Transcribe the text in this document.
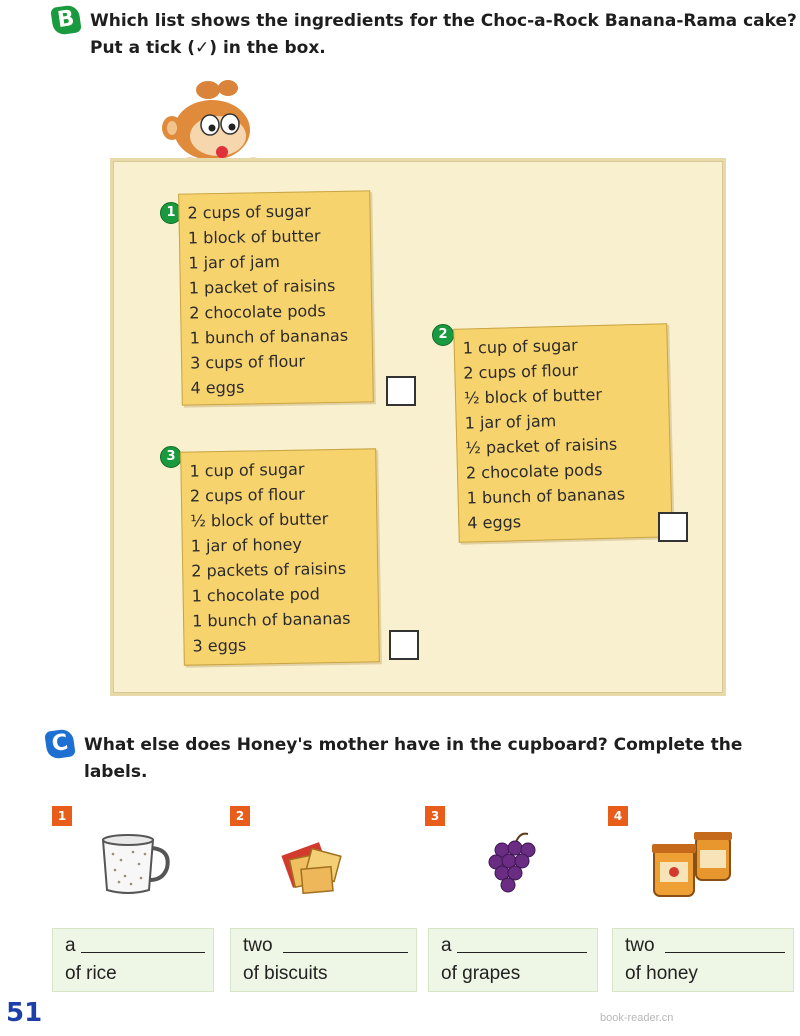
B Which list shows the ingredients for the Choc-a-Rock Banana-Rama cake?
Put a tick (✓) in the box.
1 2 cups of sugar
1 block of butter
1 jar of jam
1 packet of raisins
2 chocolate pods
1 bunch of bananas
3 cups of flour
4 eggs
2
1 cup of sugar
2 cups of flour
½ block of butter
1 jar of jam
½ packet of raisins
2 chocolate pods
1 bunch of bananas
4 eggs
3
1 cup of sugar
2 cups of flour
½ block of butter
1 jar of honey
2 packets of raisins
1 chocolate pod
1 bunch of bananas
3 eggs
C What else does Honey's mother have in the cupboard? Complete the labels.
1	2	3	4
a
of rice
two
of biscuits
a
of grapes
two
of honey
51	book-reader.cn
